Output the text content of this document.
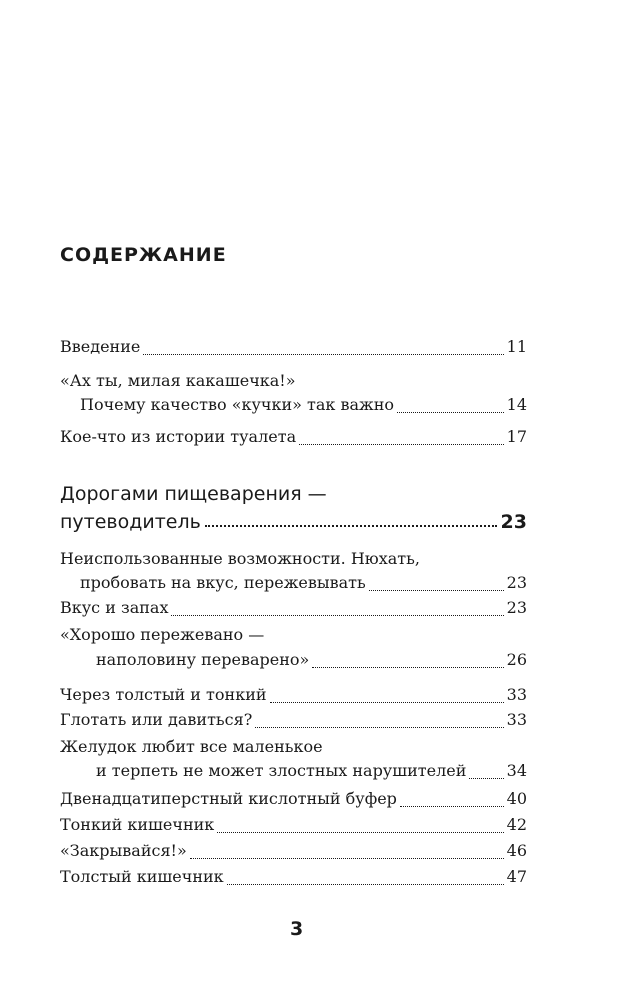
СОДЕРЖАНИЕ
Введение	11
«Ах ты, милая какашечка!»
Почему качество «кучки» так важно	14
Кое-что из истории туалета	17
Дорогами пищеварения —
путеводитель	23
Неиспользованные возможности. Нюхать,
пробовать на вкус, пережевывать	23
Вкус и запах	23
«Хорошо пережевано —
наполовину переварено»	26
Через толстый и тонкий	33
Глотать или давиться?	33
Желудок любит все маленькое
и терпеть не может злостных нарушителей	34
Двенадцатиперстный кислотный буфер	40
Тонкий кишечник	42
«Закрывайся!»	46
Толстый кишечник	47
3
